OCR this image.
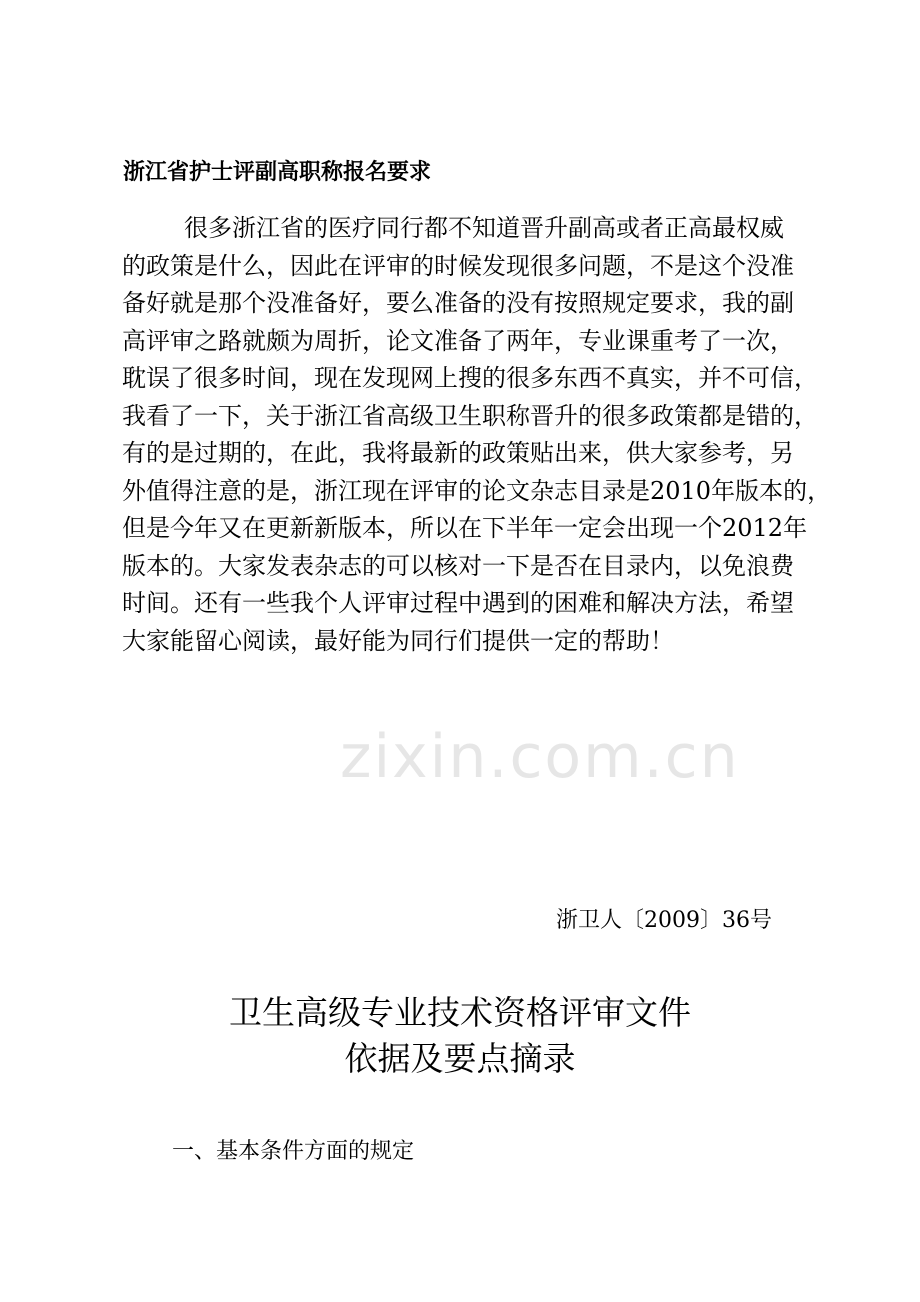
浙江省护士评副高职称报名要求
很多浙江省的医疗同行都不知道晋升副高或者正高最权威
的政策是什么，因此在评审的时候发现很多问题，不是这个没准
备好就是那个没准备好，要么准备的没有按照规定要求，我的副
高评审之路就颇为周折，论文准备了两年，专业课重考了一次，
耽误了很多时间，现在发现网上搜的很多东西不真实，并不可信，
我看了一下，关于浙江省高级卫生职称晋升的很多政策都是错的，
有的是过期的，在此，我将最新的政策贴出来，供大家参考，另
外值得注意的是，浙江现在评审的论文杂志目录是2010年版本的，
但是今年又在更新新版本，所以在下半年一定会出现一个2012年
版本的。大家发表杂志的可以核对一下是否在目录内，以免浪费
时间。还有一些我个人评审过程中遇到的困难和解决方法，希望
大家能留心阅读，最好能为同行们提供一定的帮助！
zixin.com.cn
浙卫人〔2009〕36号
卫生高级专业技术资格评审文件
依据及要点摘录
一、基本条件方面的规定
